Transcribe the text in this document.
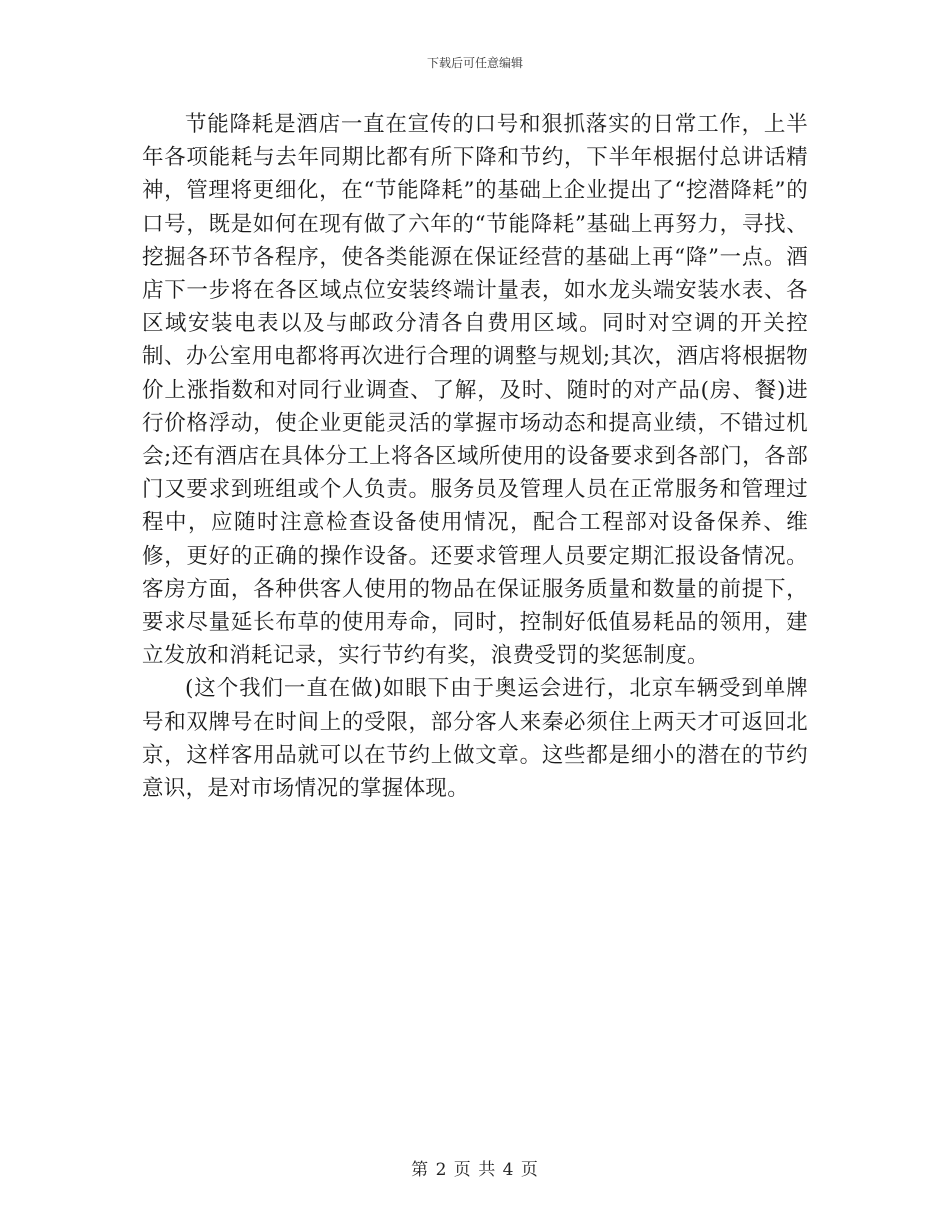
下载后可任意编辑

节能降耗是酒店一直在宣传的口号和狠抓落实的日常工作，上半年各项能耗与去年同期比都有所下降和节约，下半年根据付总讲话精神，管理将更细化，在“节能降耗”的基础上企业提出了“挖潜降耗”的口号，既是如何在现有做了六年的“节能降耗”基础上再努力，寻找、挖掘各环节各程序，使各类能源在保证经营的基础上再“降”一点。酒店下一步将在各区域点位安装终端计量表，如水龙头端安装水表、各区域安装电表以及与邮政分清各自费用区域。同时对空调的开关控制、办公室用电都将再次进行合理的调整与规划;其次，酒店将根据物价上涨指数和对同行业调查、了解，及时、随时的对产品(房、餐)进行价格浮动，使企业更能灵活的掌握市场动态和提高业绩，不错过机会;还有酒店在具体分工上将各区域所使用的设备要求到各部门，各部门又要求到班组或个人负责。服务员及管理人员在正常服务和管理过程中，应随时注意检查设备使用情况，配合工程部对设备保养、维修，更好的正确的操作设备。还要求管理人员要定期汇报设备情况。客房方面，各种供客人使用的物品在保证服务质量和数量的前提下，要求尽量延长布草的使用寿命，同时，控制好低值易耗品的领用，建立发放和消耗记录，实行节约有奖，浪费受罚的奖惩制度。

(这个我们一直在做)如眼下由于奥运会进行，北京车辆受到单牌号和双牌号在时间上的受限，部分客人来秦必须住上两天才可返回北京，这样客用品就可以在节约上做文章。这些都是细小的潜在的节约意识，是对市场情况的掌握体现。

第 2 页 共 4 页
